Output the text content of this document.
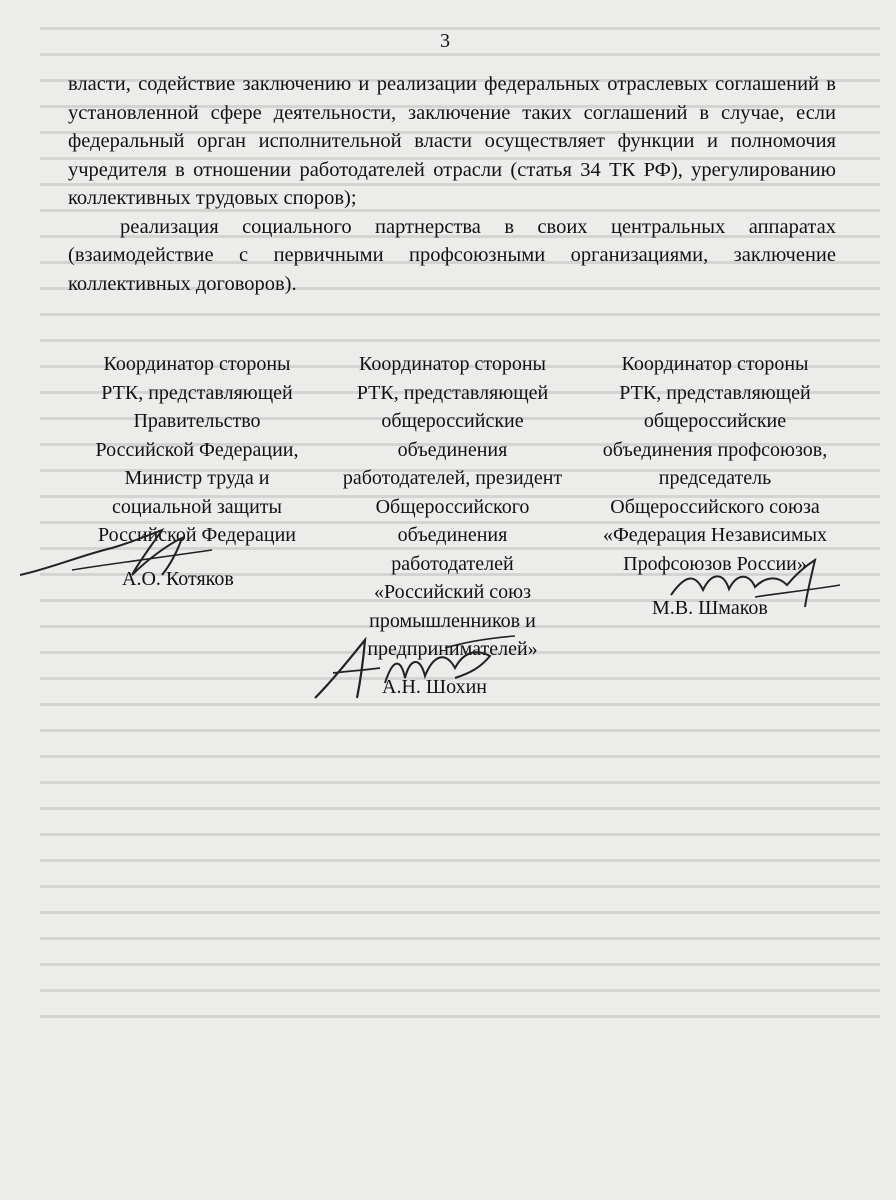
3

власти, содействие заключению и реализации федеральных отраслевых соглашений в установленной сфере деятельности, заключение таких соглашений в случае, если федеральный орган исполнительной власти осуществляет функции и полномочия учредителя в отношении работодателей отрасли (статья 34 ТК РФ), урегулированию коллективных трудовых споров);

реализация социального партнерства в своих центральных аппаратах (взаимодействие с первичными профсоюзными организациями, заключение коллективных договоров).

Координатор стороны
РТК, представляющей
Правительство
Российской Федерации,
Министр труда и
социальной защиты
Российской Федерации
А.О. Котяков
Координатор стороны
РТК, представляющей
общероссийские
объединения
работодателей, президент
Общероссийского
объединения
работодателей
«Российский союз
промышленников и
предпринимателей»
А.Н. Шохин
Координатор стороны
РТК, представляющей
общероссийские
объединения профсоюзов,
председатель
Общероссийского союза
«Федерация Независимых
Профсоюзов России»
М.В. Шмаков
